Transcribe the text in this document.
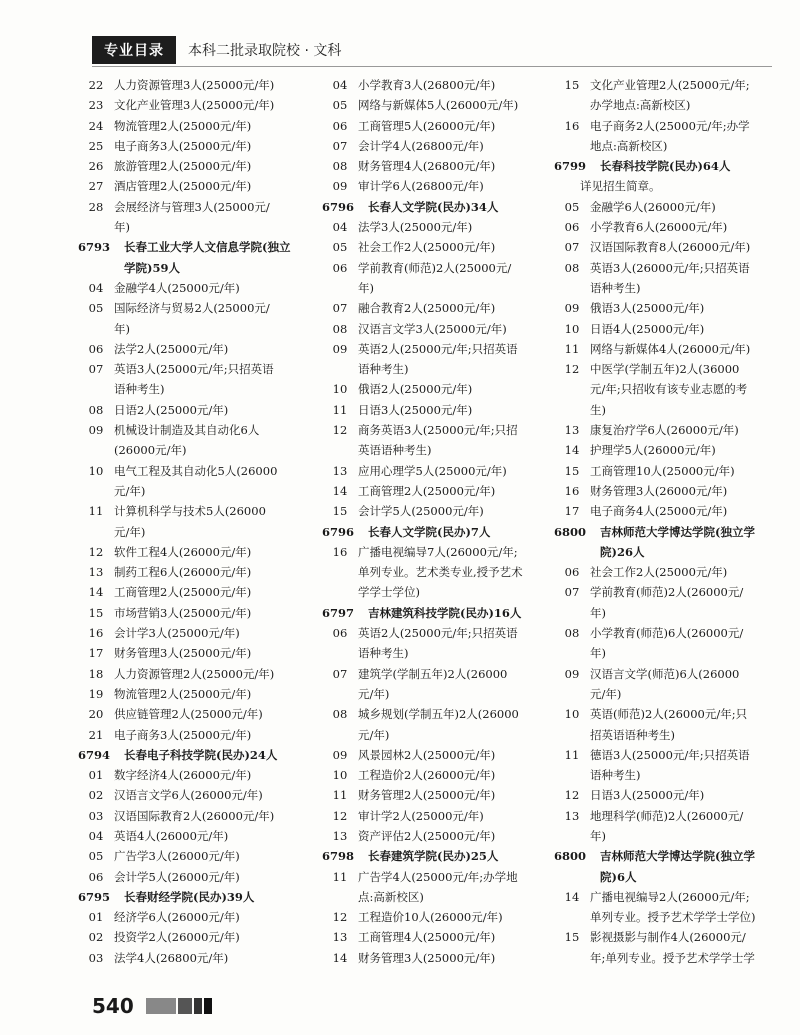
专业目录	本科二批录取院校 · 文科
22 人力资源管理3人(25000元/年)
23 文化产业管理3人(25000元/年)
24 物流管理2人(25000元/年)
25 电子商务3人(25000元/年)
26 旅游管理2人(25000元/年)
27 酒店管理2人(25000元/年)
28 会展经济与管理3人(25000元/
年)
6793	长春工业大学人文信息学院(独立
学院)59人
04 金融学4人(25000元/年)
05 国际经济与贸易2人(25000元/
年)
06 法学2人(25000元/年)
07 英语3人(25000元/年;只招英语
语种考生)
08 日语2人(25000元/年)
09 机械设计制造及其自动化6人
(26000元/年)
10 电气工程及其自动化5人(26000
元/年)
11 计算机科学与技术5人(26000
元/年)
12 软件工程4人(26000元/年)
13 制药工程6人(26000元/年)
14 工商管理2人(25000元/年)
15 市场营销3人(25000元/年)
16 会计学3人(25000元/年)
17 财务管理3人(25000元/年)
18 人力资源管理2人(25000元/年)
19 物流管理2人(25000元/年)
20 供应链管理2人(25000元/年)
21 电子商务3人(25000元/年)
6794	长春电子科技学院(民办)24人
01 数字经济4人(26000元/年)
02 汉语言文学6人(26000元/年)
03 汉语国际教育2人(26000元/年)
04 英语4人(26000元/年)
05 广告学3人(26000元/年)
06 会计学5人(26000元/年)
6795	长春财经学院(民办)39人
01 经济学6人(26000元/年)
02 投资学2人(26000元/年)
03 法学4人(26800元/年)
04 小学教育3人(26800元/年)
05 网络与新媒体5人(26000元/年)
06 工商管理5人(26000元/年)
07 会计学4人(26800元/年)
08 财务管理4人(26800元/年)
09 审计学6人(26800元/年)
6796	长春人文学院(民办)34人
04 法学3人(25000元/年)
05 社会工作2人(25000元/年)
06 学前教育(师范)2人(25000元/
年)
07 融合教育2人(25000元/年)
08 汉语言文学3人(25000元/年)
09 英语2人(25000元/年;只招英语
语种考生)
10 俄语2人(25000元/年)
11 日语3人(25000元/年)
12 商务英语3人(25000元/年;只招
英语语种考生)
13 应用心理学5人(25000元/年)
14 工商管理2人(25000元/年)
15 会计学5人(25000元/年)
6796	长春人文学院(民办)7人
16 广播电视编导7人(26000元/年;
单列专业。艺术类专业,授予艺术
学学士学位)
6797	吉林建筑科技学院(民办)16人
06 英语2人(25000元/年;只招英语
语种考生)
07 建筑学(学制五年)2人(26000
元/年)
08 城乡规划(学制五年)2人(26000
元/年)
09 风景园林2人(25000元/年)
10 工程造价2人(26000元/年)
11 财务管理2人(25000元/年)
12 审计学2人(25000元/年)
13 资产评估2人(25000元/年)
6798	长春建筑学院(民办)25人
11 广告学4人(25000元/年;办学地
点:高新校区)
12 工程造价10人(26000元/年)
13 工商管理4人(25000元/年)
14 财务管理3人(25000元/年)
15 文化产业管理2人(25000元/年;
办学地点:高新校区)
16 电子商务2人(25000元/年;办学
地点:高新校区)
6799	长春科技学院(民办)64人
详见招生简章。
05 金融学6人(26000元/年)
06 小学教育6人(26000元/年)
07 汉语国际教育8人(26000元/年)
08 英语3人(26000元/年;只招英语
语种考生)
09 俄语3人(25000元/年)
10 日语4人(25000元/年)
11 网络与新媒体4人(26000元/年)
12 中医学(学制五年)2人(36000
元/年;只招收有该专业志愿的考
生)
13 康复治疗学6人(26000元/年)
14 护理学5人(26000元/年)
15 工商管理10人(25000元/年)
16 财务管理3人(26000元/年)
17 电子商务4人(25000元/年)
6800	吉林师范大学博达学院(独立学
院)26人
06 社会工作2人(25000元/年)
07 学前教育(师范)2人(26000元/
年)
08 小学教育(师范)6人(26000元/
年)
09 汉语言文学(师范)6人(26000
元/年)
10 英语(师范)2人(26000元/年;只
招英语语种考生)
11 德语3人(25000元/年;只招英语
语种考生)
12 日语3人(25000元/年)
13 地理科学(师范)2人(26000元/
年)
6800	吉林师范大学博达学院(独立学
院)6人
14 广播电视编导2人(26000元/年;
单列专业。授予艺术学学士学位)
15 影视摄影与制作4人(26000元/
年;单列专业。授予艺术学学士学
540
